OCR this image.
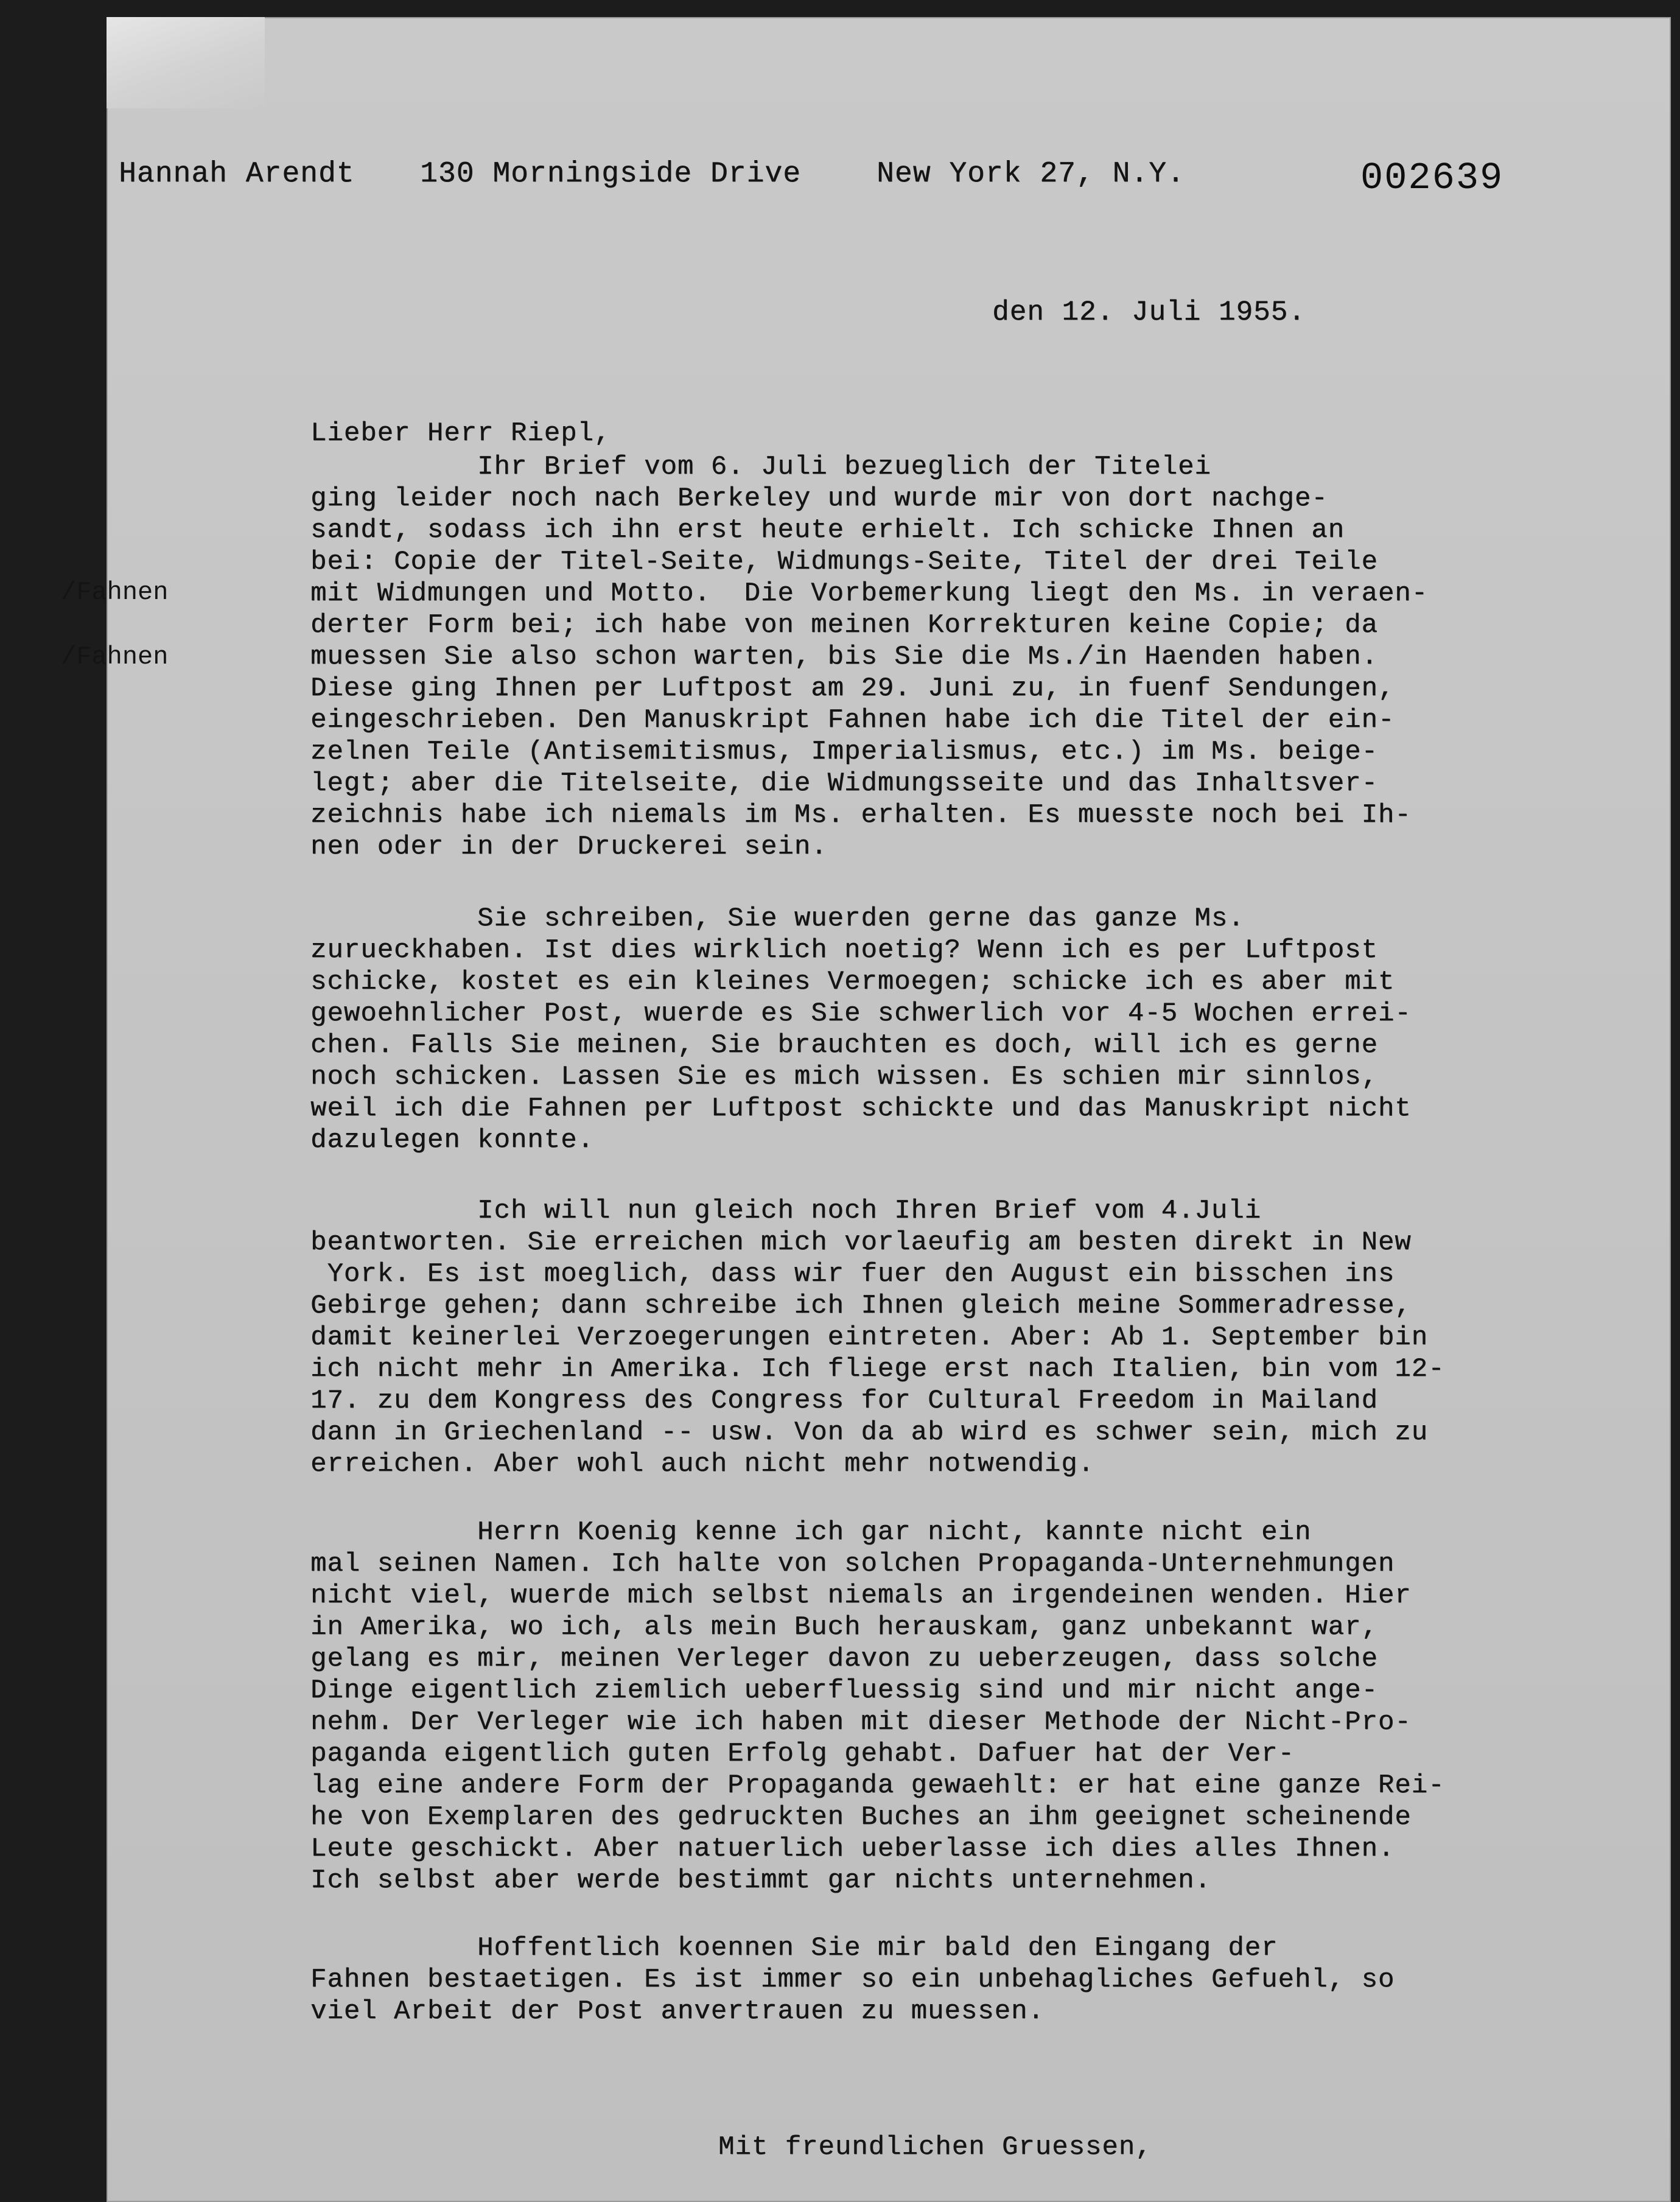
Hannah Arendt 130 Morningside Drive	New York 27, N.Y.	002639
den 12. Juli 1955.
Lieber Herr Riepl,
/Fahnen
/Fahnen
Ihr Brief vom 6. Juli bezueglich der Titelei
ging leider noch nach Berkeley und wurde mir von dort nachge-
sandt, sodass ich ihn erst heute erhielt. Ich schicke Ihnen an
bei: Copie der Titel-Seite, Widmungs-Seite, Titel der drei Teile
mit Widmungen und Motto.  Die Vorbemerkung liegt den Ms. in veraen-
derter Form bei; ich habe von meinen Korrekturen keine Copie; da
muessen Sie also schon warten, bis Sie die Ms./in Haenden haben.
Diese ging Ihnen per Luftpost am 29. Juni zu, in fuenf Sendungen,
eingeschrieben. Den Manuskript Fahnen habe ich die Titel der ein-
zelnen Teile (Antisemitismus, Imperialismus, etc.) im Ms. beige-
legt; aber die Titelseite, die Widmungsseite und das Inhaltsver-
zeichnis habe ich niemals im Ms. erhalten. Es muesste noch bei Ih-
nen oder in der Druckerei sein.
Sie schreiben, Sie wuerden gerne das ganze Ms.
zurueckhaben. Ist dies wirklich noetig? Wenn ich es per Luftpost
schicke, kostet es ein kleines Vermoegen; schicke ich es aber mit
gewoehnlicher Post, wuerde es Sie schwerlich vor 4-5 Wochen errei-
chen. Falls Sie meinen, Sie brauchten es doch, will ich es gerne
noch schicken. Lassen Sie es mich wissen. Es schien mir sinnlos,
weil ich die Fahnen per Luftpost schickte und das Manuskript nicht
dazulegen konnte.
Ich will nun gleich noch Ihren Brief vom 4.Juli
beantworten. Sie erreichen mich vorlaeufig am besten direkt in New
York. Es ist moeglich, dass wir fuer den August ein bisschen ins
Gebirge gehen; dann schreibe ich Ihnen gleich meine Sommeradresse,
damit keinerlei Verzoegerungen eintreten. Aber: Ab 1. September bin
ich nicht mehr in Amerika. Ich fliege erst nach Italien, bin vom 12-
17. zu dem Kongress des Congress for Cultural Freedom in Mailand
dann in Griechenland -- usw. Von da ab wird es schwer sein, mich zu
erreichen. Aber wohl auch nicht mehr notwendig.
Herrn Koenig kenne ich gar nicht, kannte nicht ein
mal seinen Namen. Ich halte von solchen Propaganda-Unternehmungen
nicht viel, wuerde mich selbst niemals an irgendeinen wenden. Hier
in Amerika, wo ich, als mein Buch herauskam, ganz unbekannt war,
gelang es mir, meinen Verleger davon zu ueberzeugen, dass solche
Dinge eigentlich ziemlich ueberfluessig sind und mir nicht ange-
nehm. Der Verleger wie ich haben mit dieser Methode der Nicht-Pro-
paganda eigentlich guten Erfolg gehabt. Dafuer hat der Ver-
lag eine andere Form der Propaganda gewaehlt: er hat eine ganze Rei-
he von Exemplaren des gedruckten Buches an ihm geeignet scheinende
Leute geschickt. Aber natuerlich ueberlasse ich dies alles Ihnen.
Ich selbst aber werde bestimmt gar nichts unternehmen.
Hoffentlich koennen Sie mir bald den Eingang der
Fahnen bestaetigen. Es ist immer so ein unbehagliches Gefuehl, so
viel Arbeit der Post anvertrauen zu muessen.
Mit freundlichen Gruessen,
